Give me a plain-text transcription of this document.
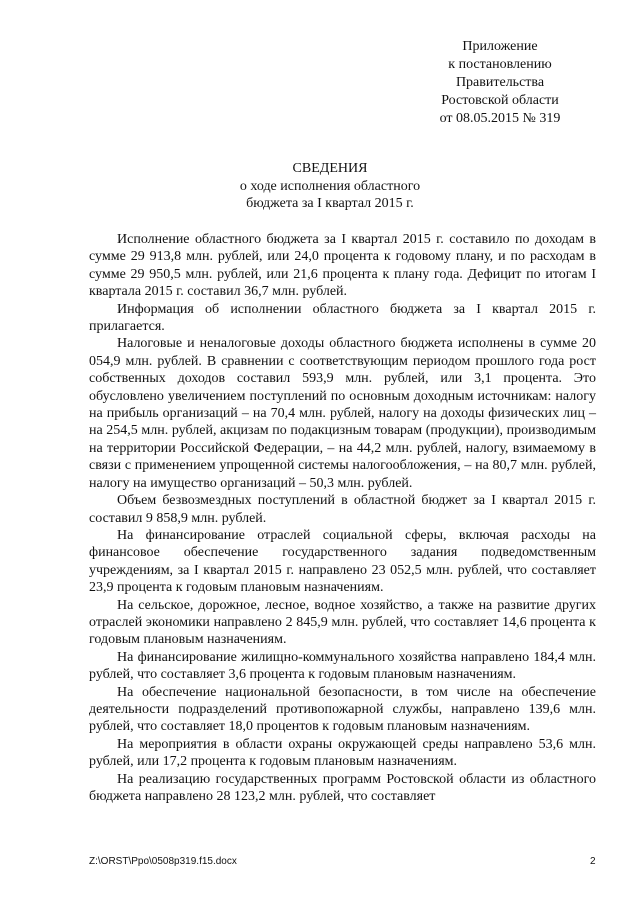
Приложение
к постановлению
Правительства
Ростовской области
от 08.05.2015 № 319
СВЕДЕНИЯ
о ходе исполнения областного
бюджета за I квартал 2015 г.

Исполнение областного бюджета за I квартал 2015 г. составило по доходам в сумме 29 913,8 млн. рублей, или 24,0 процента к годовому плану, и по расходам в сумме 29 950,5 млн. рублей, или 21,6 процента к плану года. Дефицит по итогам I квартала 2015 г. составил 36,7 млн. рублей.

Информация об исполнении областного бюджета за I квартал 2015 г. прилагается.

Налоговые и неналоговые доходы областного бюджета исполнены в сумме 20 054,9 млн. рублей. В сравнении с соответствующим периодом прошлого года рост собственных доходов составил 593,9 млн. рублей, или 3,1 процента. Это обусловлено увеличением поступлений по основным доходным источникам: налогу на прибыль организаций – на 70,4 млн. рублей, налогу на доходы физических лиц – на 254,5 млн. рублей, акцизам по подакцизным товарам (продукции), производимым на территории Российской Федерации, – на 44,2 млн. рублей, налогу, взимаемому в связи с применением упрощенной системы налогообложения, – на 80,7 млн. рублей, налогу на имущество организаций – 50,3 млн. рублей.

Объем безвозмездных поступлений в областной бюджет за I квартал 2015 г. составил 9 858,9 млн. рублей.

На финансирование отраслей социальной сферы, включая расходы на финансовое обеспечение государственного задания подведомственным учреждениям, за I квартал 2015 г. направлено 23 052,5 млн. рублей, что составляет 23,9 процента к годовым плановым назначениям.

На сельское, дорожное, лесное, водное хозяйство, а также на развитие других отраслей экономики направлено 2 845,9 млн. рублей, что составляет 14,6 процента к годовым плановым назначениям.

На финансирование жилищно-коммунального хозяйства направлено 184,4 млн. рублей, что составляет 3,6 процента к годовым плановым назначениям.

На обеспечение национальной безопасности, в том числе на обеспечение деятельности подразделений противопожарной службы, направлено 139,6 млн. рублей, что составляет 18,0 процентов к годовым плановым назначениям.

На мероприятия в области охраны окружающей среды направлено 53,6 млн. рублей, или 17,2 процента к годовым плановым назначениям.

На реализацию государственных программ Ростовской области из областного бюджета направлено 28 123,2 млн. рублей, что составляет

Z:\ORST\Ppo\0508p319.f15.docx	2
